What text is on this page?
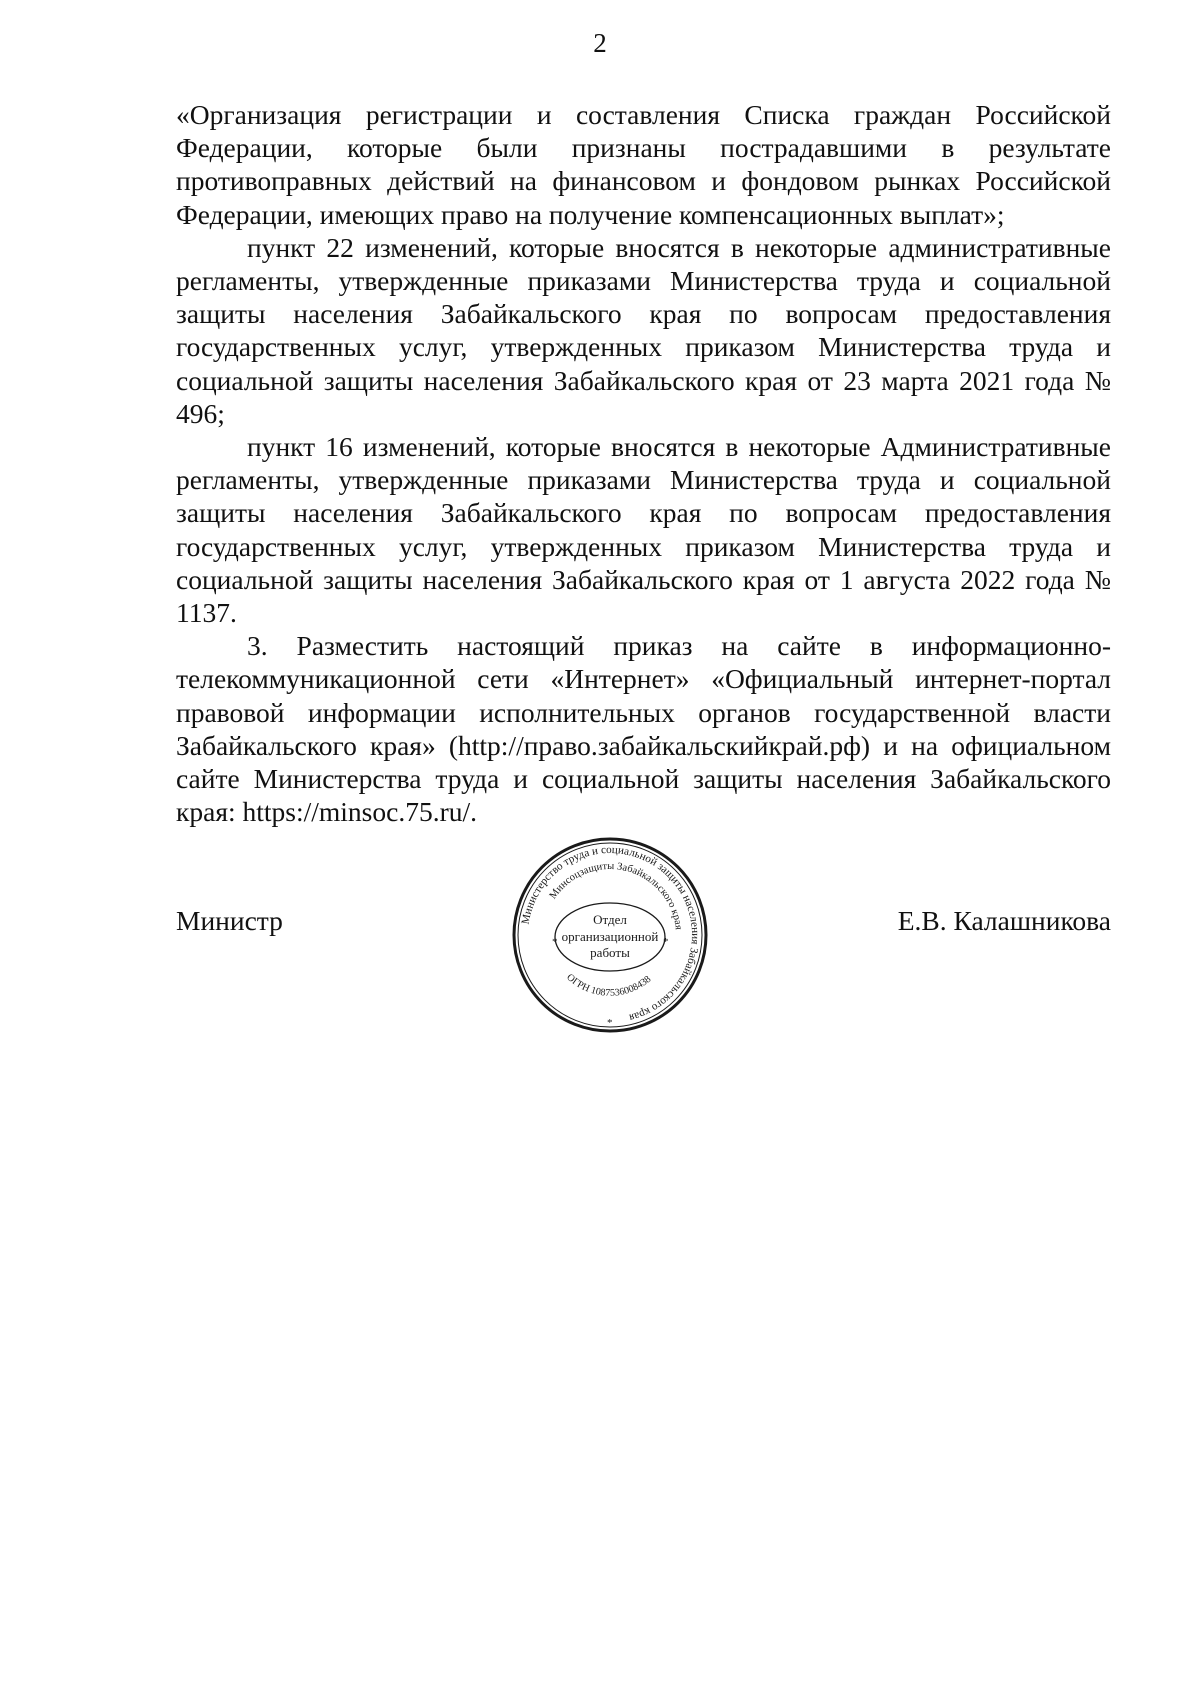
2

«Организация регистрации и составления Списка граждан Российской Федерации, которые были признаны пострадавшими в результате противоправных действий на финансовом и фондовом рынках Российской Федерации, имеющих право на получение компенсационных выплат»;

пункт 22 изменений, которые вносятся в некоторые административные регламенты, утвержденные приказами Министерства труда и социальной защиты населения Забайкальского края по вопросам предоставления государственных услуг, утвержденных приказом Министерства труда и социальной защиты населения Забайкальского края от 23 марта 2021 года № 496;

пункт 16 изменений, которые вносятся в некоторые Административные регламенты, утвержденные приказами Министерства труда и социальной защиты населения Забайкальского края по вопросам предоставления государственных услуг, утвержденных приказом Министерства труда и социальной защиты населения Забайкальского края от 1 августа 2022 года № 1137.

3. Разместить настоящий приказ на сайте в информационно-телекоммуникационной сети «Интернет» «Официальный интернет-портал правовой информации исполнительных органов государственной власти Забайкальского края» (http://право.забайкальскийкрай.рф) и на официальном сайте Министерства труда и социальной защиты населения Забайкальского края: https://minsoc.75.ru/.

Министр	Е.В. Калашникова
Министерство труда и социальной защиты населения Забайкальского края
Минсоцзащиты Забайкальского края
Отдел
организационной
работы
ОГРН 1087536008438
*	*
*
